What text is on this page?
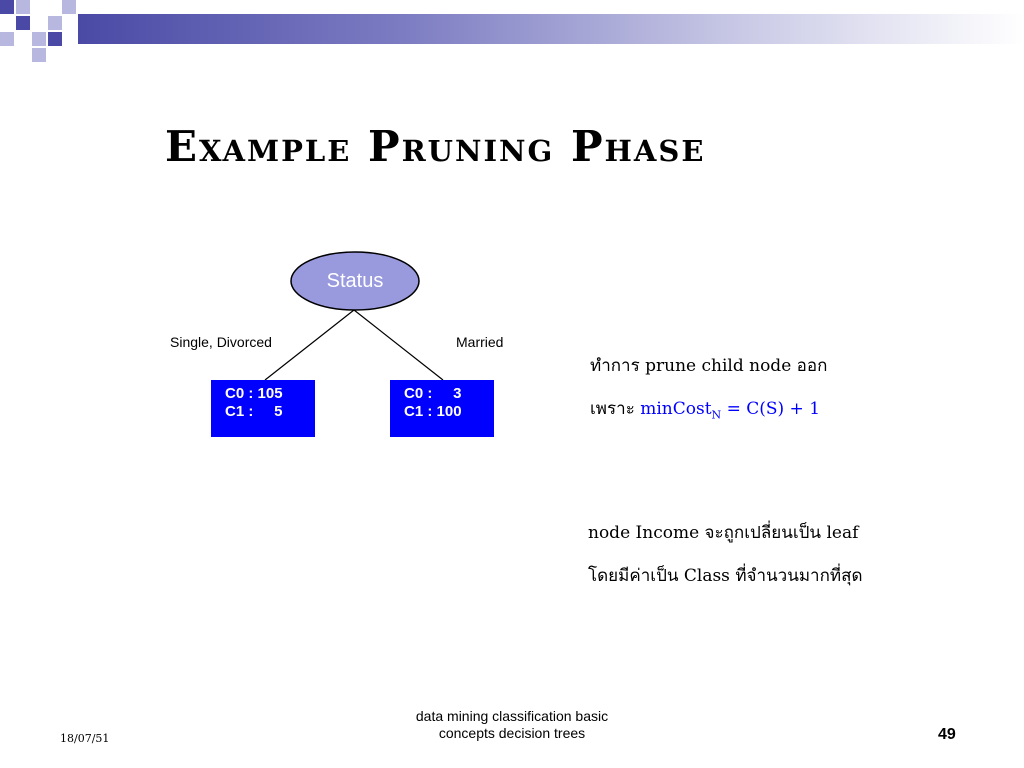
Example Pruning Phase
Status
Single, Divorced	Married
C0 : 105
C1 :     5
C0 :     3
C1 : 100
ทำการ prune child node ออก
เพราะ minCost$_N$ = C(S) + 1
node Income จะถูกเปลี่ยนเป็น leaf
โดยมีค่าเป็น Class ที่จำนวนมากที่สุด
18/07/51
data mining classification basic
concepts decision trees	49
